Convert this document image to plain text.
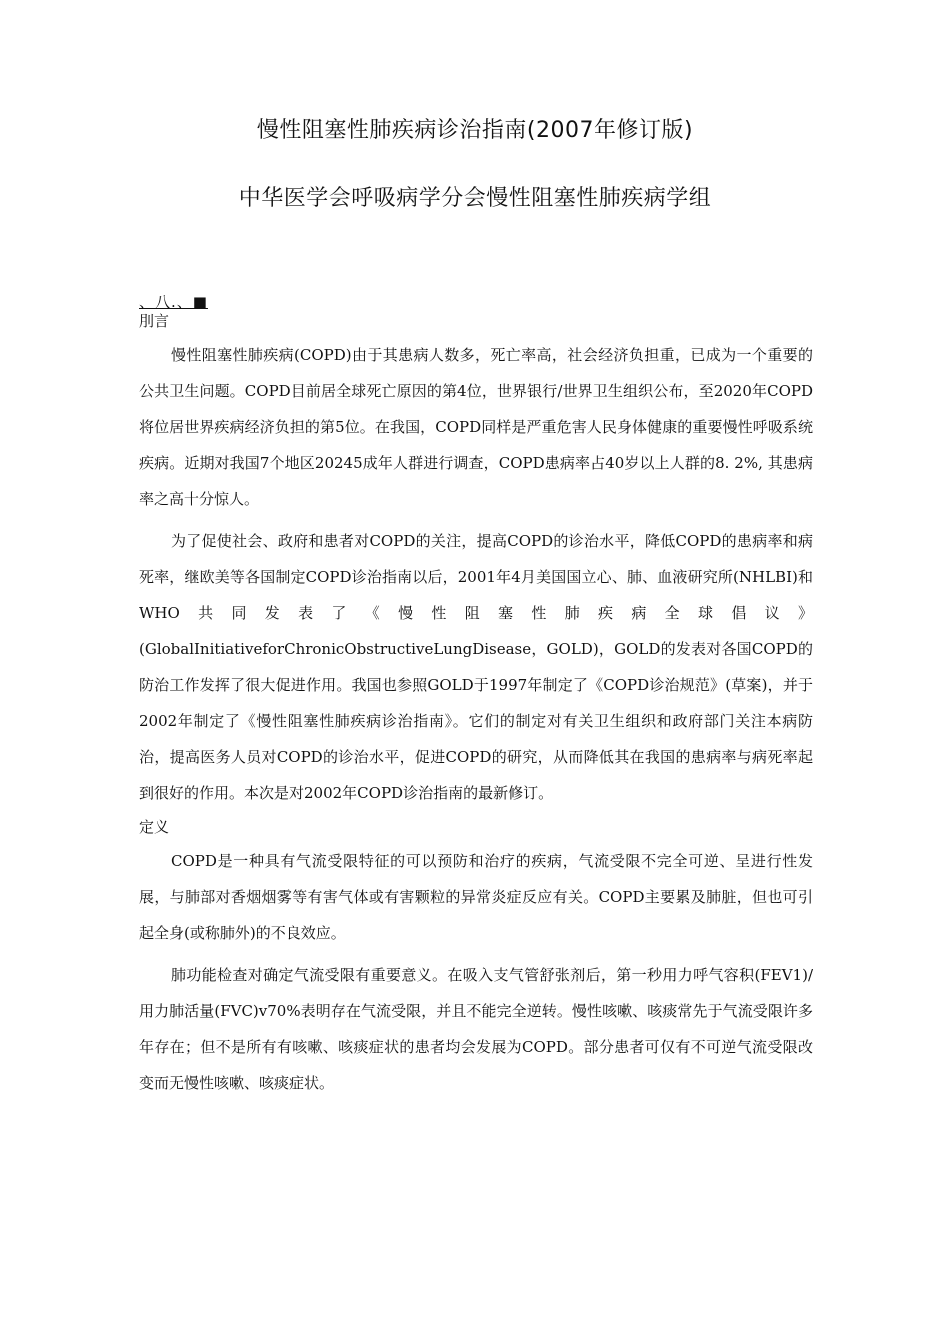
慢性阻塞性肺疾病诊治指南(2007年修订版)
中华医学会呼吸病学分会慢性阻塞性肺疾病学组

、八.、■

刖言

慢性阻塞性肺疾病(COPD)由于其患病人数多，死亡率高，社会经济负担重，已成为一个重要的公共卫生问题。COPD目前居全球死亡原因的第4位，世界银行/世界卫生组织公布，至2020年COPD将位居世界疾病经济负担的第5位。在我国，COPD同样是严重危害人民身体健康的重要慢性呼吸系统疾病。近期对我国7个地区20245成年人群进行调查，COPD患病率占40岁以上人群的8. 2%, 其患病率之高十分惊人。

为了促使社会、政府和患者对COPD的关注，提高COPD的诊治水平，降低COPD的患病率和病死率，继欧美等各国制定COPD诊治指南以后，2001年4月美国国立心、肺、血液研究所(NHLBI)和WHO共同发表了《慢性阻塞性肺疾病全球倡议》(GlobalInitiativeforChronicObstructiveLungDisease，GOLD)，GOLD的发表对各国COPD的防治工作发挥了很大促进作用。我国也参照GOLD于1997年制定了《COPD诊治规范》(草案)，并于2002年制定了《慢性阻塞性肺疾病诊治指南》。它们的制定对有关卫生组织和政府部门关注本病防治，提高医务人员对COPD的诊治水平，促进COPD的研究，从而降低其在我国的患病率与病死率起到很好的作用。本次是对2002年COPD诊治指南的最新修订。

定义

COPD是一种具有气流受限特征的可以预防和治疗的疾病，气流受限不完全可逆、呈进行性发展，与肺部对香烟烟雾等有害气体或有害颗粒的异常炎症反应有关。COPD主要累及肺脏，但也可引起全身(或称肺外)的不良效应。

肺功能检查对确定气流受限有重要意义。在吸入支气管舒张剂后，第一秒用力呼气容积(FEV1)/用力肺活量(FVC)v70%表明存在气流受限，并且不能完全逆转。慢性咳嗽、咳痰常先于气流受限许多年存在；但不是所有有咳嗽、咳痰症状的患者均会发展为COPD。部分患者可仅有不可逆气流受限改变而无慢性咳嗽、咳痰症状。
